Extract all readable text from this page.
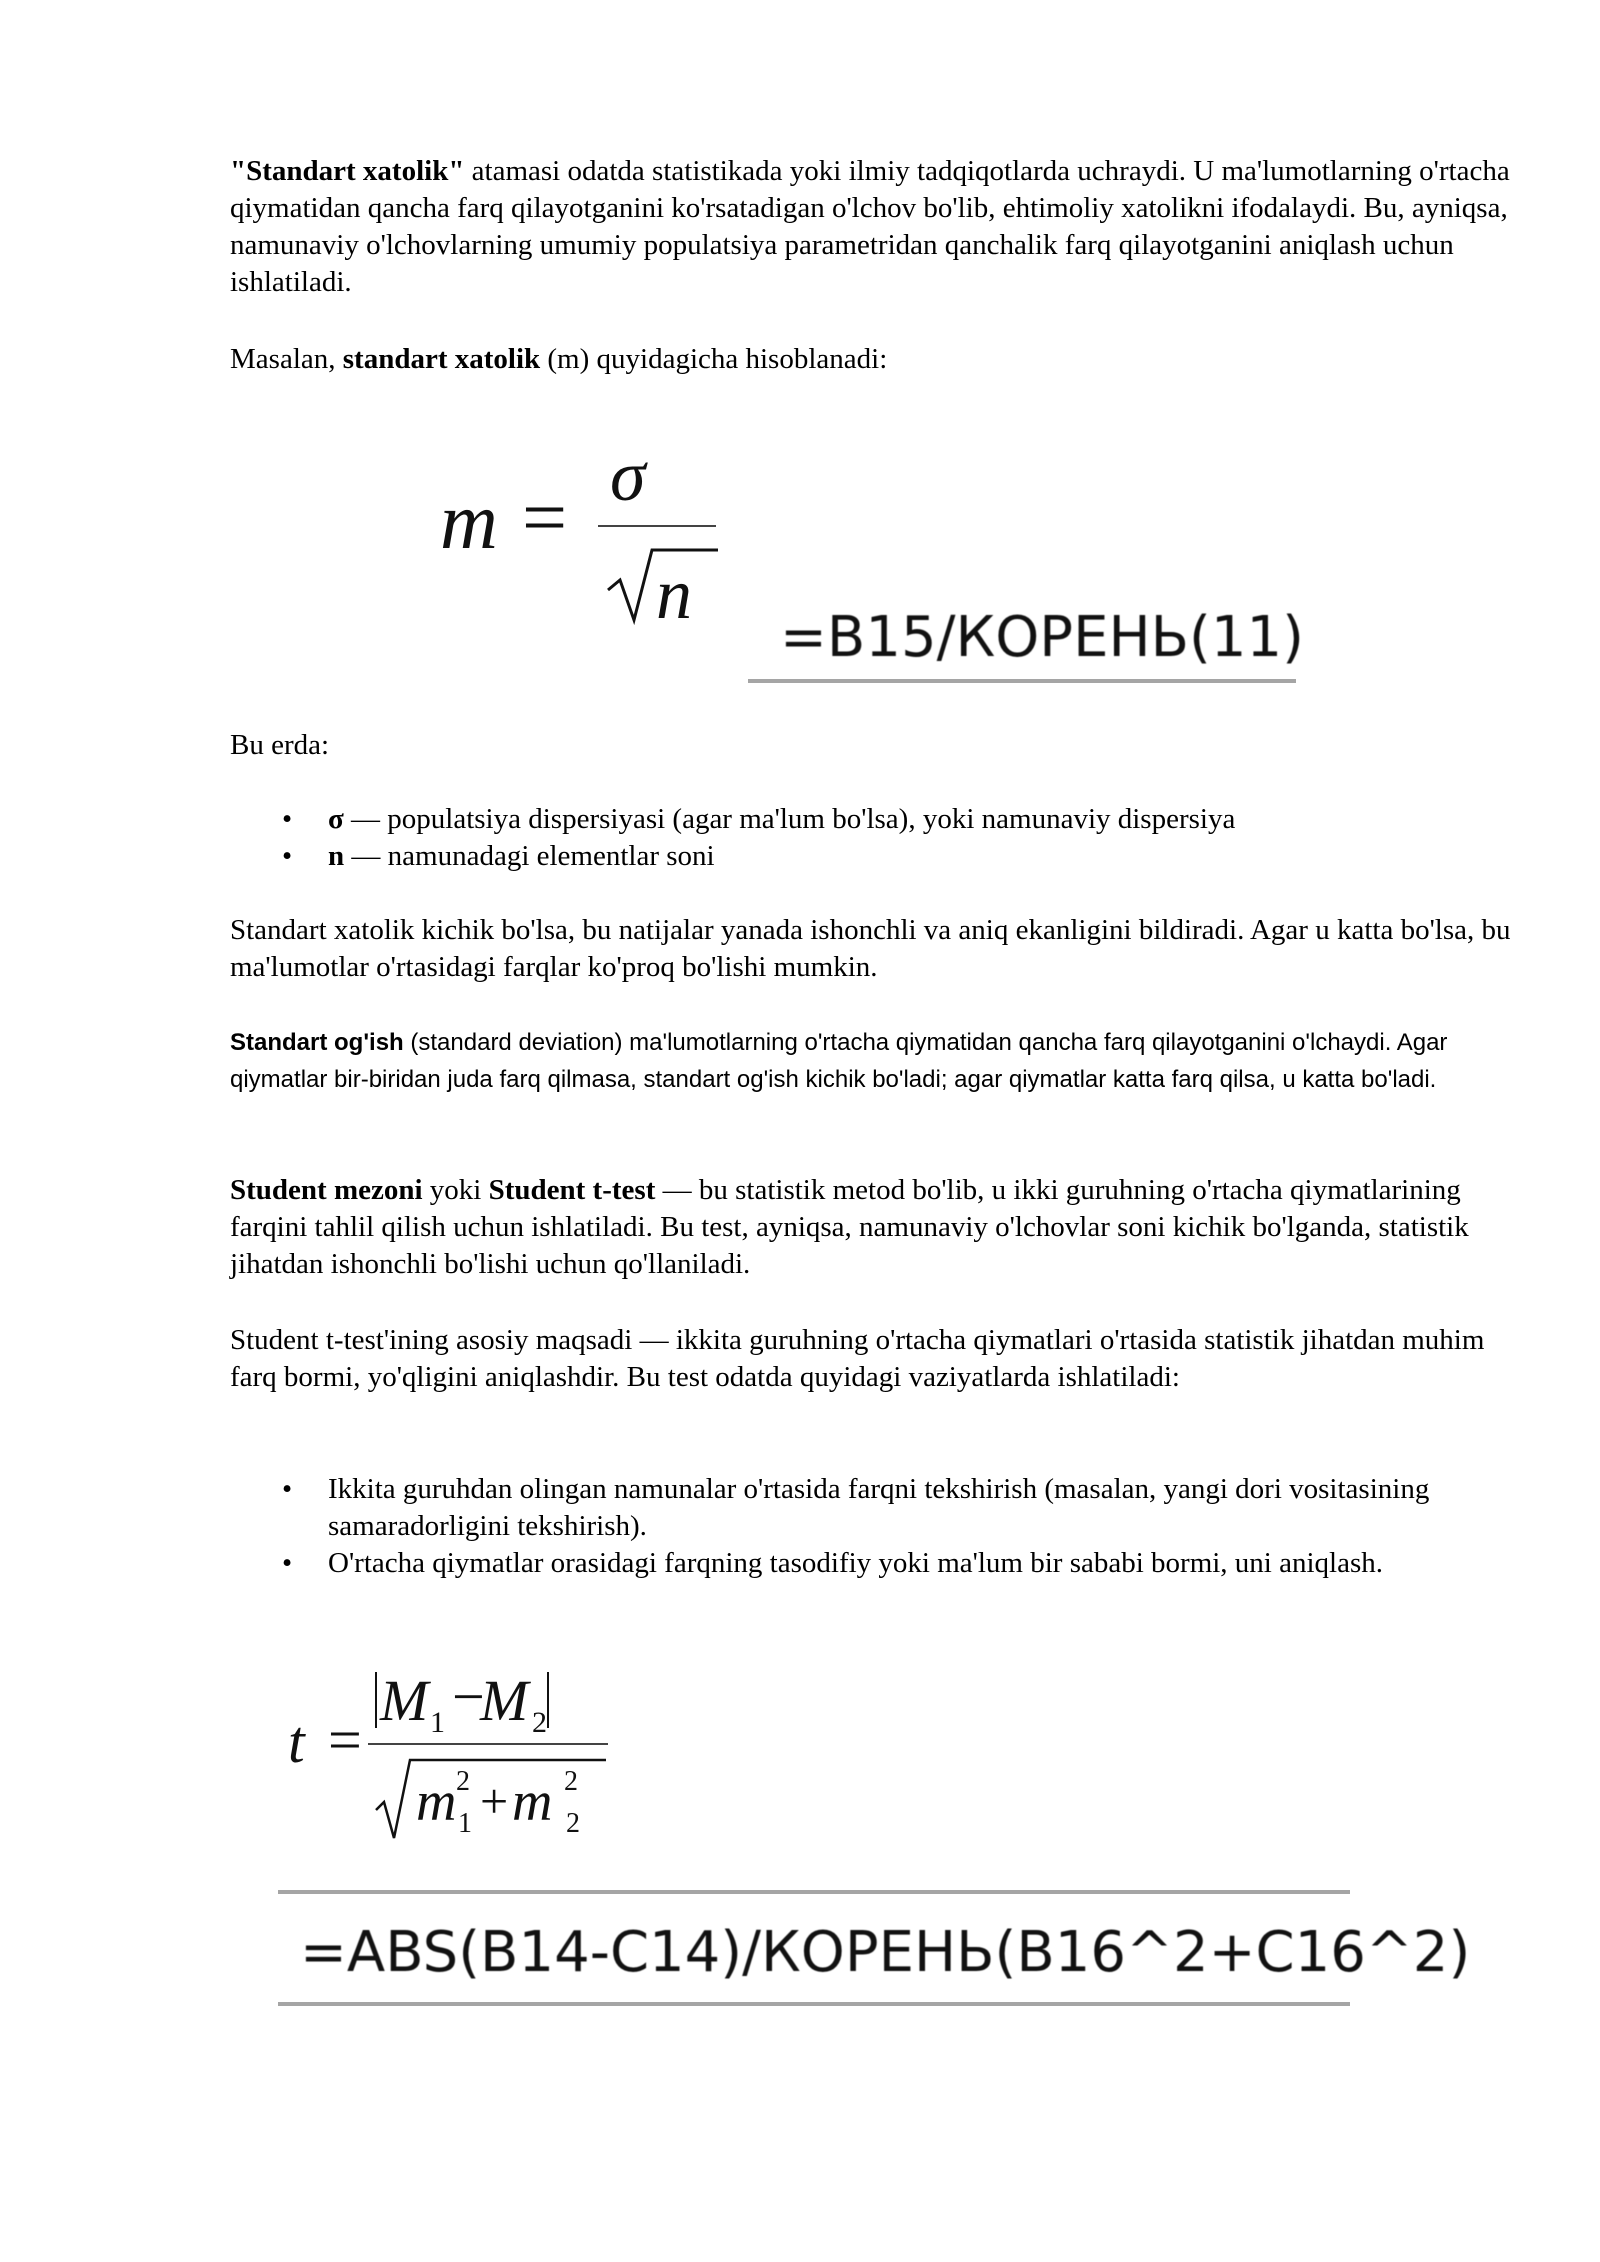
"Standart xatolik" atamasi odatda statistikada yoki ilmiy tadqiqotlarda uchraydi. U ma'lumotlarning o'rtacha qiymatidan qancha farq qilayotganini ko'rsatadigan o'lchov bo'lib, ehtimoliy xatolikni ifodalaydi. Bu, ayniqsa, namunaviy o'lchovlarning umumiy populatsiya parametridan qanchalik farq qilayotganini aniqlash uchun ishlatiladi.

Masalan, standart xatolik (m) quyidagicha hisoblanadi:

m = σ
n
=B15/КОРЕНЬ(11)

Bu erda:

• σ — populatsiya dispersiyasi (agar ma'lum bo'lsa), yoki namunaviy dispersiya
• n — namunadagi elementlar soni

Standart xatolik kichik bo'lsa, bu natijalar yanada ishonchli va aniq ekanligini bildiradi. Agar u katta bo'lsa, bu ma'lumotlar o'rtasidagi farqlar ko'proq bo'lishi mumkin.

Standart og'ish (standard deviation) ma'lumotlarning o'rtacha qiymatidan qancha farq qilayotganini o'lchaydi. Agar qiymatlar bir-biridan juda farq qilmasa, standart og'ish kichik bo'ladi; agar qiymatlar katta farq qilsa, u katta bo'ladi.

Student mezoni yoki Student t-test — bu statistik metod bo'lib, u ikki guruhning o'rtacha qiymatlarining farqini tahlil qilish uchun ishlatiladi. Bu test, ayniqsa, namunaviy o'lchovlar soni kichik bo'lganda, statistik jihatdan ishonchli bo'lishi uchun qo'llaniladi.

Student t-test'ining asosiy maqsadi — ikkita guruhning o'rtacha qiymatlari o'rtasida statistik jihatdan muhim farq bormi, yo'qligini aniqlashdir. Bu test odatda quyidagi vaziyatlarda ishlatiladi:

• Ikkita guruhdan olingan namunalar o'rtasida farqni tekshirish (masalan, yangi dori vositasining samaradorligini tekshirish).
• O'rtacha qiymatlar orasidagi farqning tasodifiy yoki ma'lum bir sababi bormi, uni aniqlash.
t =
M 1 −
M 2
m 2
1 + m 2
2
=ABS(B14-C14)/КОРЕНЬ(B16^2+C16^2)
